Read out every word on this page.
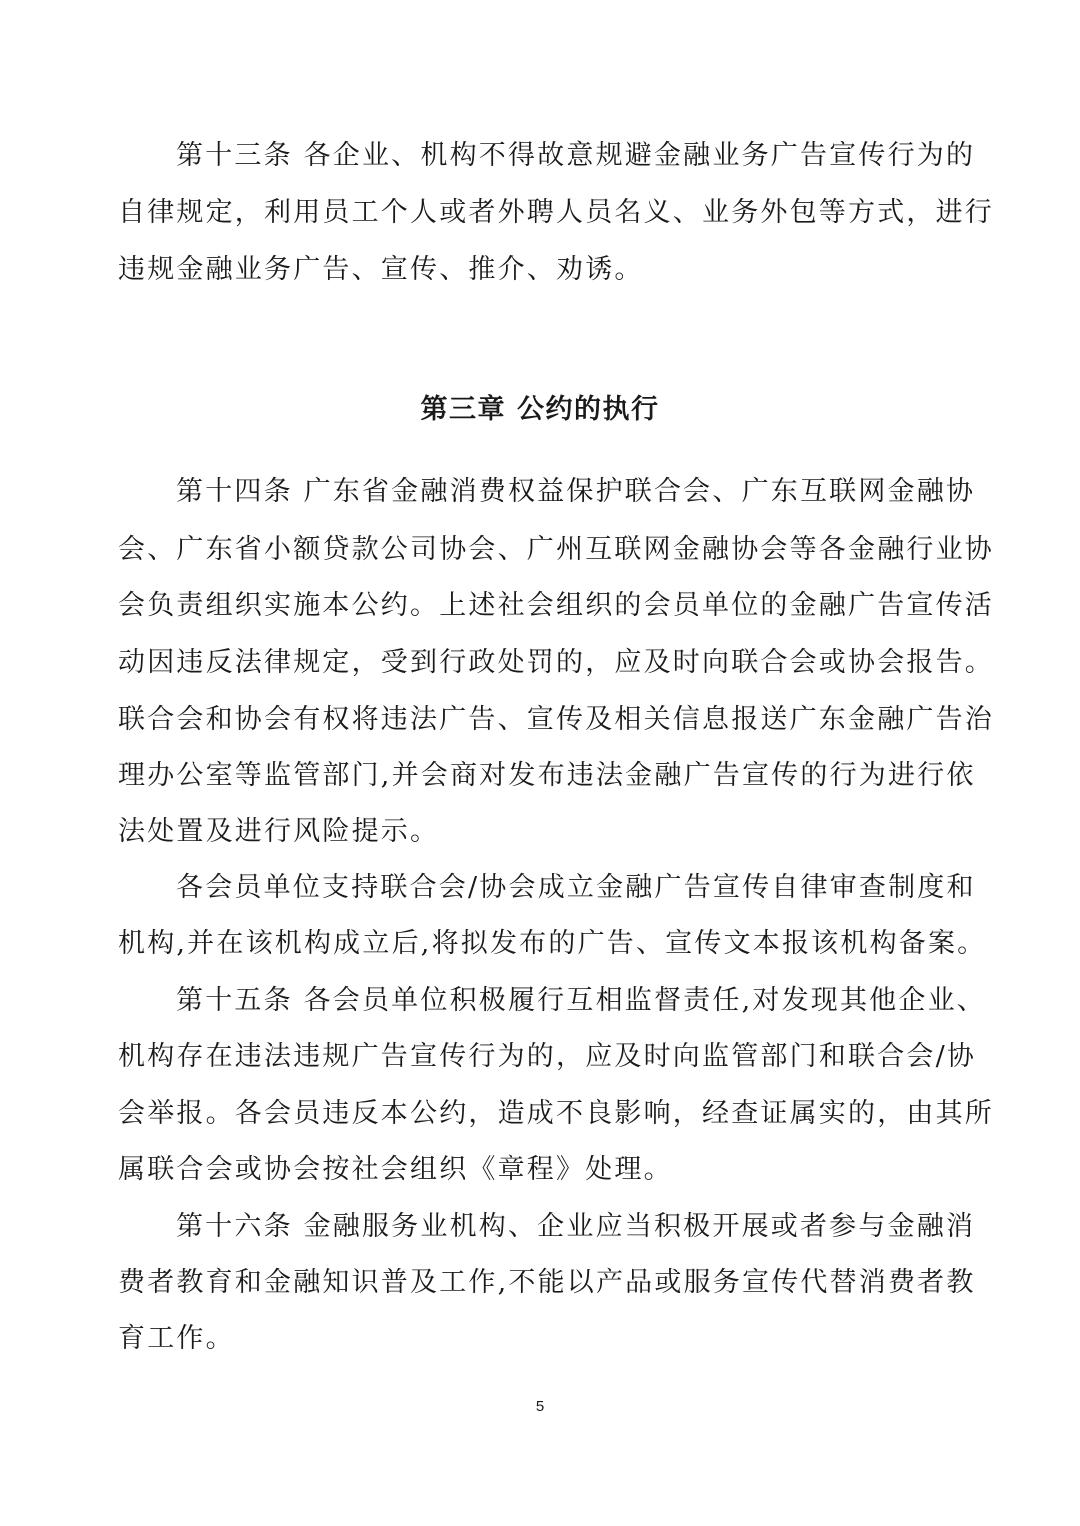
第十三条 各企业、机构不得故意规避金融业务广告宣传行为的
自律规定，利用员工个人或者外聘人员名义、业务外包等方式，进行
违规金融业务广告、宣传、推介、劝诱。
第三章 公约的执行
第十四条 广东省金融消费权益保护联合会、广东互联网金融协
会、广东省小额贷款公司协会、广州互联网金融协会等各金融行业协
会负责组织实施本公约。上述社会组织的会员单位的金融广告宣传活
动因违反法律规定，受到行政处罚的，应及时向联合会或协会报告。
联合会和协会有权将违法广告、宣传及相关信息报送广东金融广告治
理办公室等监管部门,并会商对发布违法金融广告宣传的行为进行依
法处置及进行风险提示。
各会员单位支持联合会/协会成立金融广告宣传自律审查制度和
机构,并在该机构成立后,将拟发布的广告、宣传文本报该机构备案。
第十五条 各会员单位积极履行互相监督责任,对发现其他企业、
机构存在违法违规广告宣传行为的，应及时向监管部门和联合会/协
会举报。各会员违反本公约，造成不良影响，经查证属实的，由其所
属联合会或协会按社会组织《章程》处理。
第十六条 金融服务业机构、企业应当积极开展或者参与金融消
费者教育和金融知识普及工作,不能以产品或服务宣传代替消费者教
育工作。
5
